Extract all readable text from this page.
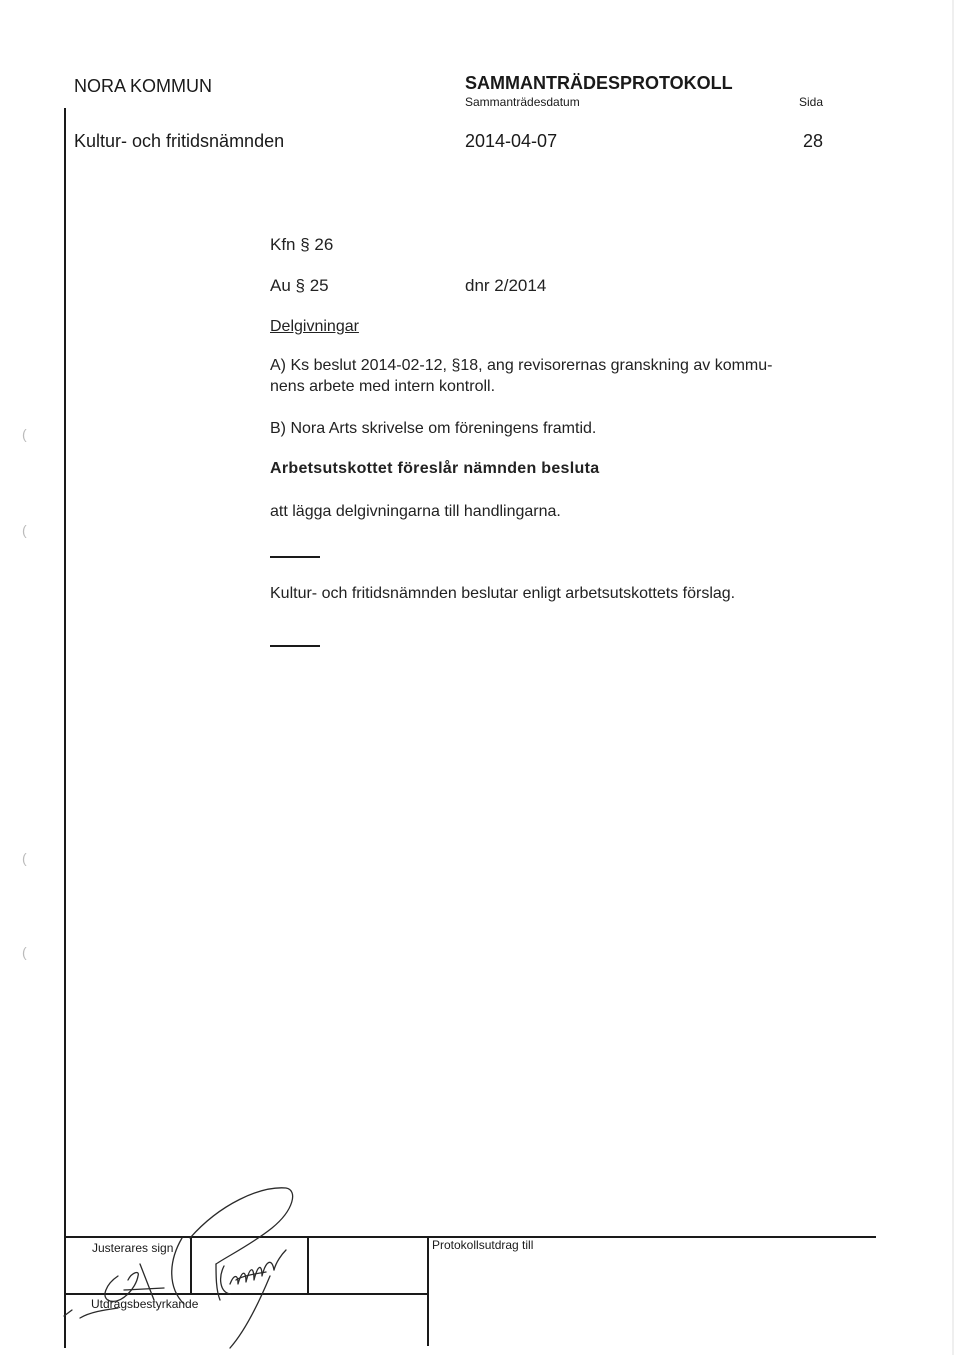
NORA KOMMUN	SAMMANTRÄDESPROTOKOLL
Sammanträdesdatum	Sida
Kultur- och fritidsnämnden	2014-04-07	28
Kfn § 26
Au § 25	dnr 2/2014
Delgivningar
A) Ks beslut 2014-02-12, §18, ang revisorernas granskning av kommu-
nens arbete med intern kontroll.
B) Nora Arts skrivelse om föreningens framtid.
Arbetsutskottet föreslår nämnden besluta
att lägga delgivningarna till handlingarna.
Kultur- och fritidsnämnden beslutar enligt arbetsutskottets förslag.
(
(
(
(
Justerares sign
Utdragsbestyrkande
Protokollsutdrag till
